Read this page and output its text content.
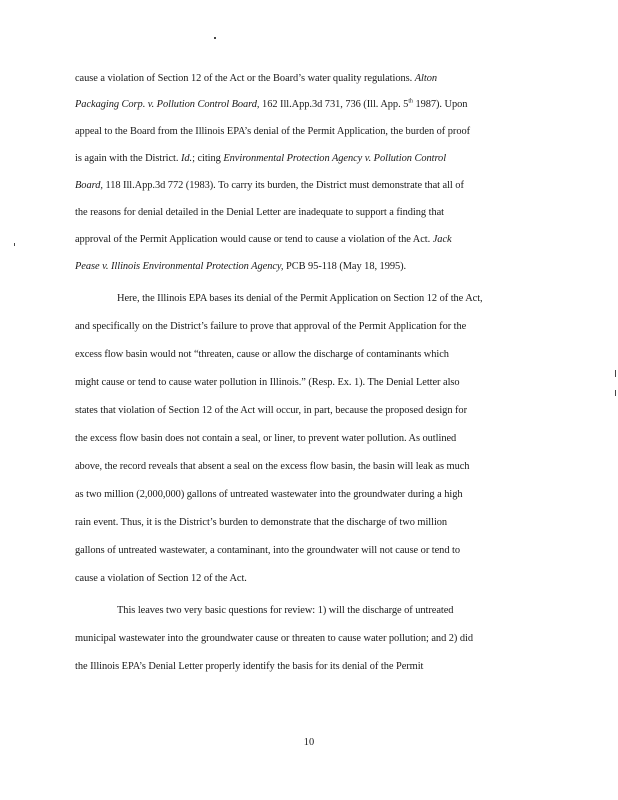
cause a violation of Section 12 of the Act or the Board’s water quality regulations. Alton
Packaging Corp. v. Pollution Control Board, 162 Ill.App.3d 731, 736 (Ill. App. 5th 1987). Upon
appeal to the Board from the Illinois EPA’s denial of the Permit Application, the burden of proof
is again with the District. Id.; citing Environmental Protection Agency v. Pollution Control
Board, 118 Ill.App.3d 772 (1983). To carry its burden, the District must demonstrate that all of
the reasons for denial detailed in the Denial Letter are inadequate to support a finding that
approval of the Permit Application would cause or tend to cause a violation of the Act. Jack
Pease v. Illinois Environmental Protection Agency, PCB 95-118 (May 18, 1995).
Here, the Illinois EPA bases its denial of the Permit Application on Section 12 of the Act,
and specifically on the District’s failure to prove that approval of the Permit Application for the
excess flow basin would not “threaten, cause or allow the discharge of contaminants which
might cause or tend to cause water pollution in Illinois.” (Resp. Ex. 1). The Denial Letter also
states that violation of Section 12 of the Act will occur, in part, because the proposed design for
the excess flow basin does not contain a seal, or liner, to prevent water pollution. As outlined
above, the record reveals that absent a seal on the excess flow basin, the basin will leak as much
as two million (2,000,000) gallons of untreated wastewater into the groundwater during a high
rain event. Thus, it is the District’s burden to demonstrate that the discharge of two million
gallons of untreated wastewater, a contaminant, into the groundwater will not cause or tend to
cause a violation of Section 12 of the Act.
This leaves two very basic questions for review: 1) will the discharge of untreated
municipal wastewater into the groundwater cause or threaten to cause water pollution; and 2) did
the Illinois EPA’s Denial Letter properly identify the basis for its denial of the Permit
10
